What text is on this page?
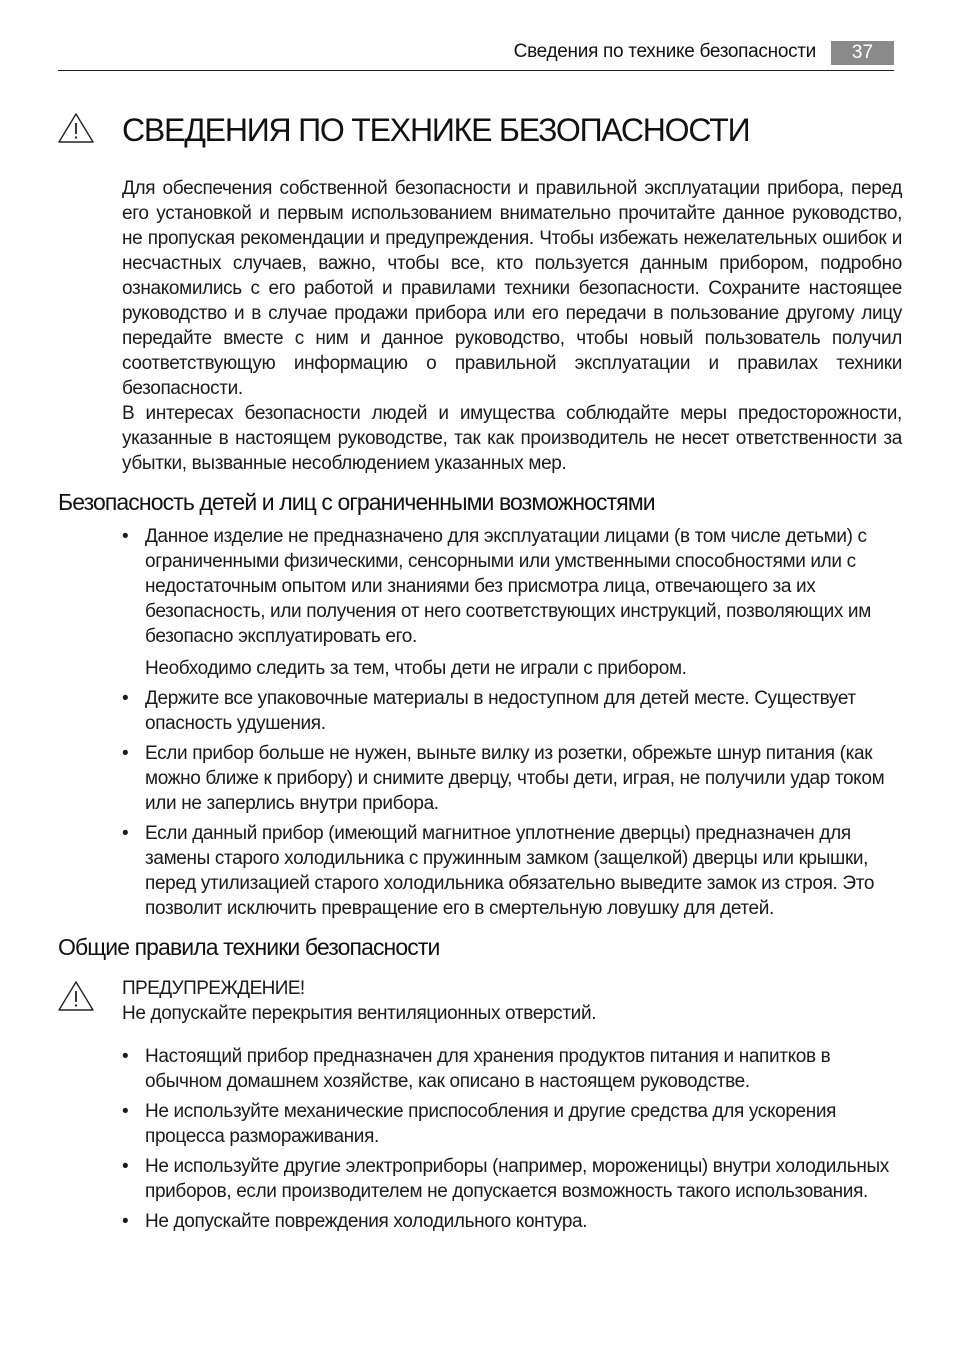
Сведения по технике безопасности	37
СВЕДЕНИЯ ПО ТЕХНИКЕ БЕЗОПАСНОСТИ

Для обеспечения собственной безопасности и правильной эксплуатации прибора, перед его установкой и первым использованием внимательно прочитайте данное руководство, не пропуская рекомендации и предупреждения. Чтобы избежать нежелательных ошибок и несчастных случаев, важно, чтобы все, кто пользуется данным прибором, подробно ознакомились с его работой и правилами техники безопасности. Сохраните настоящее руководство и в случае продажи прибора или его передачи в пользование другому лицу передайте вместе с ним и данное руководство, чтобы новый пользователь получил соответствующую информацию о правильной эксплуатации и правилах техники безопасности.

В интересах безопасности людей и имущества соблюдайте меры предосторожности, указанные в настоящем руководстве, так как производитель не несет ответственности за убытки, вызванные несоблюдением указанных мер.

Безопасность детей и лиц с ограниченными возможностями
• Данное изделие не предназначено для эксплуатации лицами (в том числе детьми) с ограниченными физическими, сенсорными или умственными способностями или с недостаточным опытом или знаниями без присмотра лица, отвечающего за их безопасность, или получения от него соответствующих инструкций, позволяющих им безопасно эксплуатировать его.

Необходимо следить за тем, чтобы дети не играли с прибором.

• Держите все упаковочные материалы в недоступном для детей месте. Существует опасность удушения.

• Если прибор больше не нужен, выньте вилку из розетки, обрежьте шнур питания (как можно ближе к прибору) и снимите дверцу, чтобы дети, играя, не получили удар током или не заперлись внутри прибора.

• Если данный прибор (имеющий магнитное уплотнение дверцы) предназначен для замены старого холодильника с пружинным замком (защелкой) дверцы или крышки, перед утилизацией старого холодильника обязательно выведите замок из строя. Это позволит исключить превращение его в смертельную ловушку для детей.

Общие правила техники безопасности
ПРЕДУПРЕЖДЕНИЕ!
Не допускайте перекрытия вентиляционных отверстий.
• Настоящий прибор предназначен для хранения продуктов питания и напитков в обычном домашнем хозяйстве, как описано в настоящем руководстве.

• Не используйте механические приспособления и другие средства для ускорения процесса размораживания.

• Не используйте другие электроприборы (например, мороженицы) внутри холодильных приборов, если производителем не допускается возможность такого использования.

• Не допускайте повреждения холодильного контура.
